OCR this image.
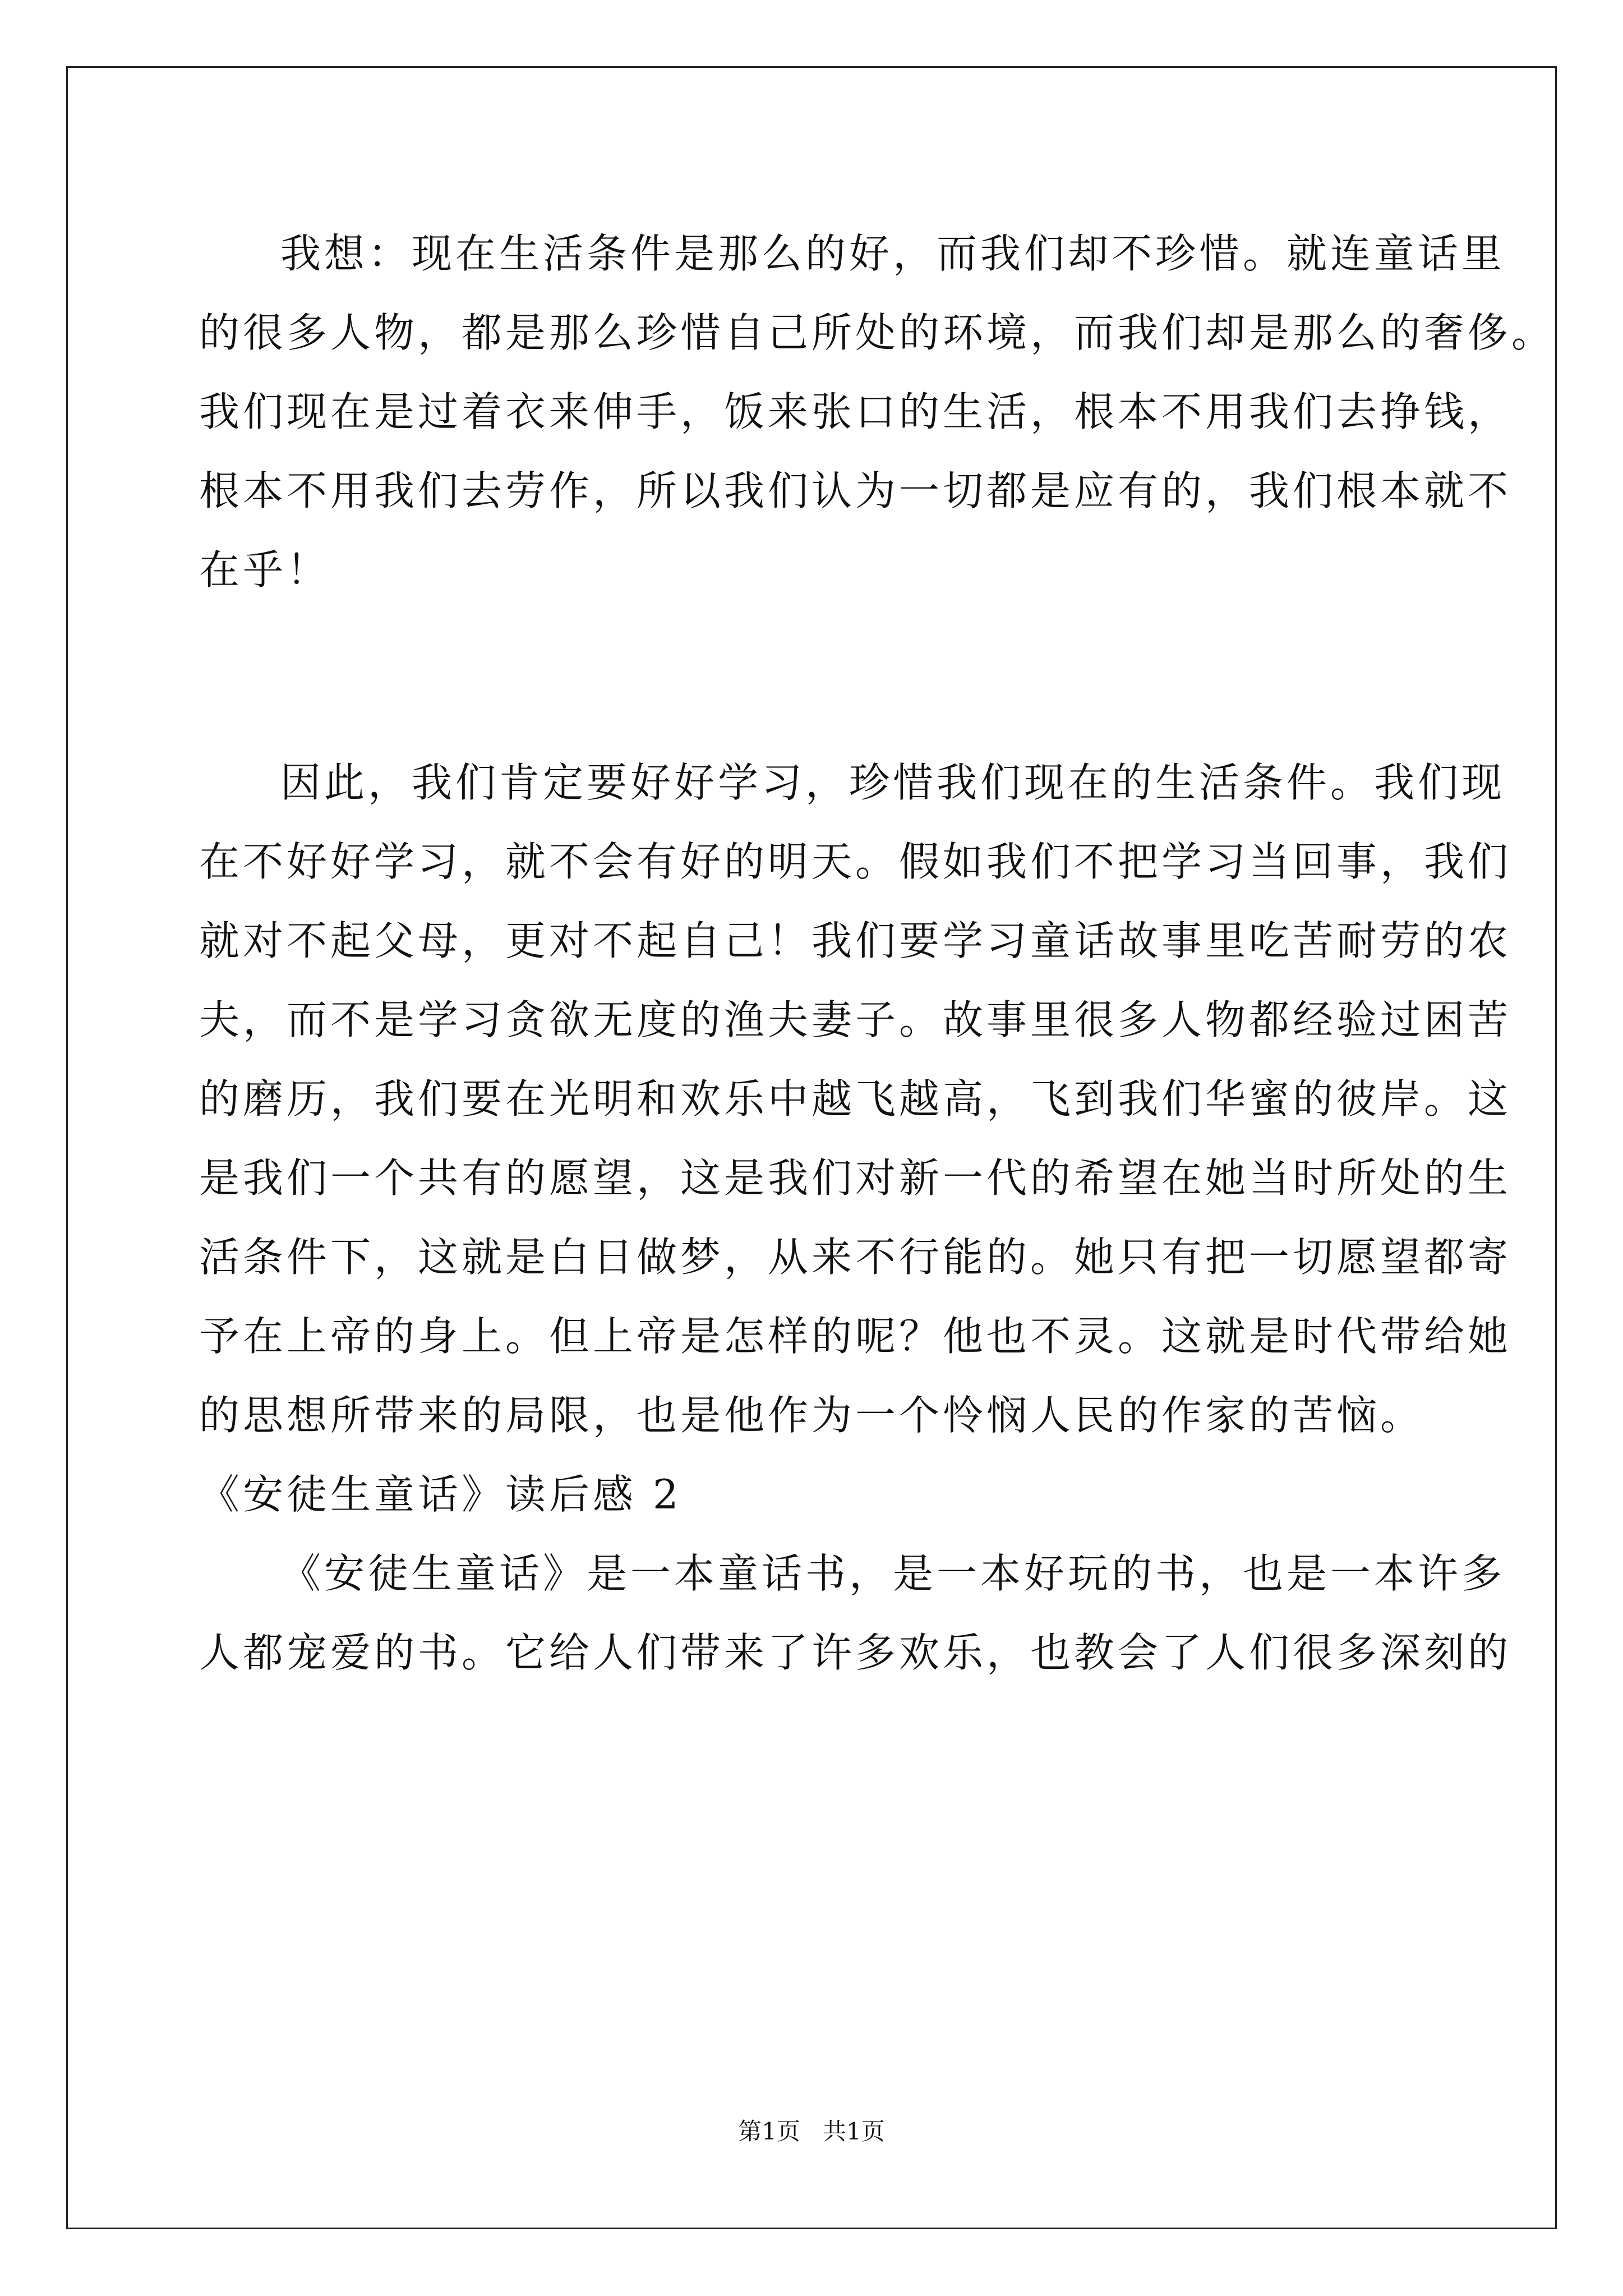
我想：现在生活条件是那么的好，而我们却不珍惜。就连童话里
的很多人物，都是那么珍惜自己所处的环境，而我们却是那么的奢侈。
我们现在是过着衣来伸手，饭来张口的生活，根本不用我们去挣钱，
根本不用我们去劳作，所以我们认为一切都是应有的，我们根本就不
在乎！
因此，我们肯定要好好学习，珍惜我们现在的生活条件。我们现
在不好好学习，就不会有好的明天。假如我们不把学习当回事，我们
就对不起父母，更对不起自己！我们要学习童话故事里吃苦耐劳的农
夫，而不是学习贪欲无度的渔夫妻子。故事里很多人物都经验过困苦
的磨历，我们要在光明和欢乐中越飞越高，飞到我们华蜜的彼岸。这
是我们一个共有的愿望，这是我们对新一代的希望在她当时所处的生
活条件下，这就是白日做梦，从来不行能的。她只有把一切愿望都寄
予在上帝的身上。但上帝是怎样的呢？他也不灵。这就是时代带给她
的思想所带来的局限，也是他作为一个怜悯人民的作家的苦恼。
《安徒生童话》读后感 2
《安徒生童话》是一本童话书，是一本好玩的书，也是一本许多
人都宠爱的书。它给人们带来了许多欢乐，也教会了人们很多深刻的
第1页   共1页
